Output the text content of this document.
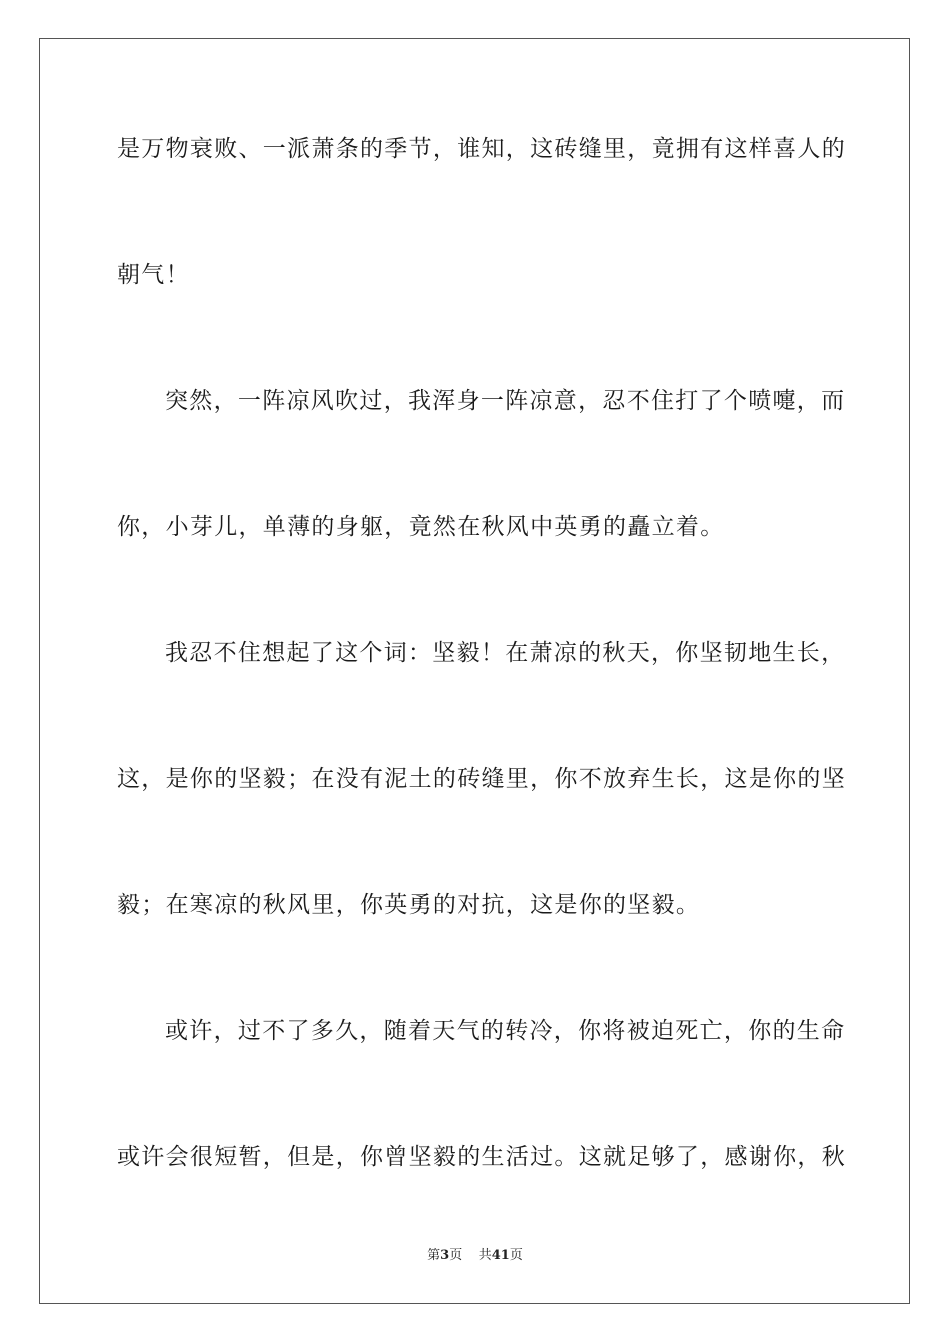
是万物衰败、一派萧条的季节，谁知，这砖缝里，竟拥有这样喜人的
朝气！
突然，一阵凉风吹过，我浑身一阵凉意，忍不住打了个喷嚏，而
你，小芽儿，单薄的身躯，竟然在秋风中英勇的矗立着。
我忍不住想起了这个词：坚毅！在萧凉的秋天，你坚韧地生长，
这，是你的坚毅；在没有泥土的砖缝里，你不放弃生长，这是你的坚
毅；在寒凉的秋风里，你英勇的对抗，这是你的坚毅。
或许，过不了多久，随着天气的转冷，你将被迫死亡，你的生命
或许会很短暂，但是，你曾坚毅的生活过。这就足够了，感谢你，秋
第3页 共41页
